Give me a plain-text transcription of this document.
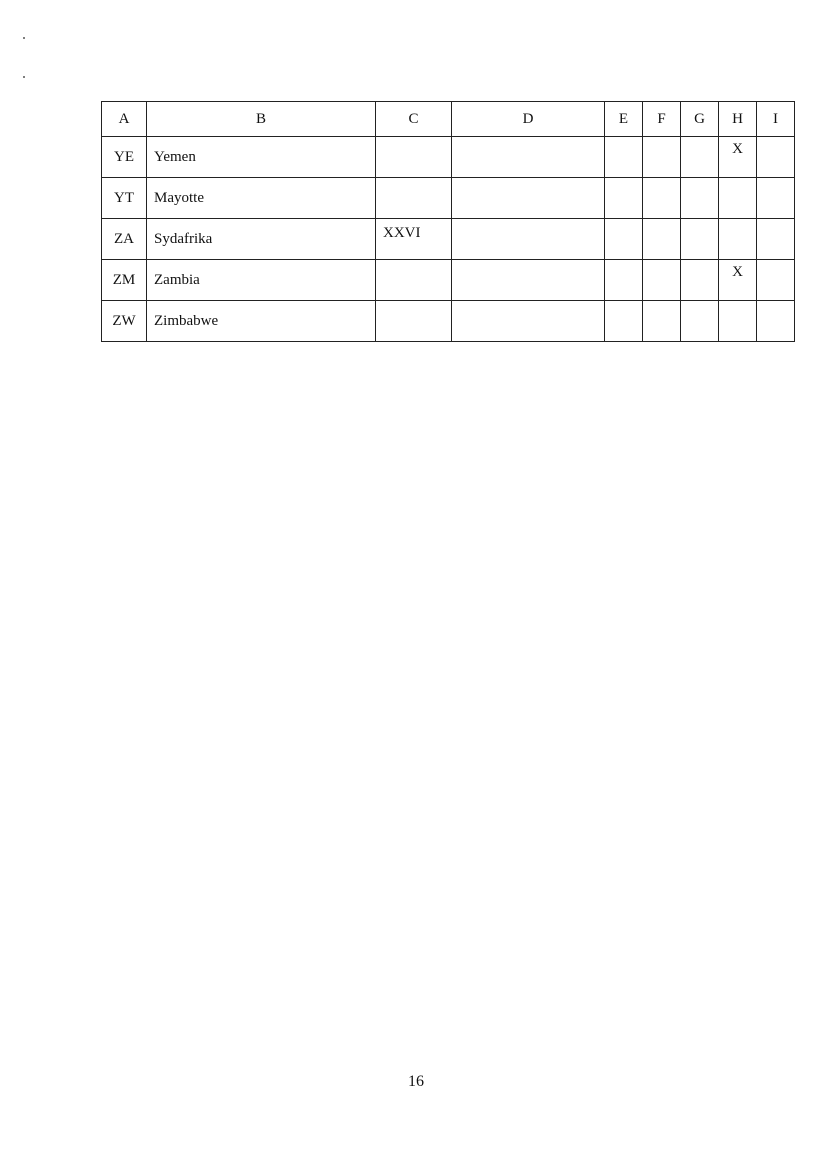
A	B	C	D	E	F	G	H	I
YE	Yemen						X	
YT	Mayotte							
ZA	Sydafrika	XXVI						
ZM	Zambia						X	
ZW	Zimbabwe							
16
